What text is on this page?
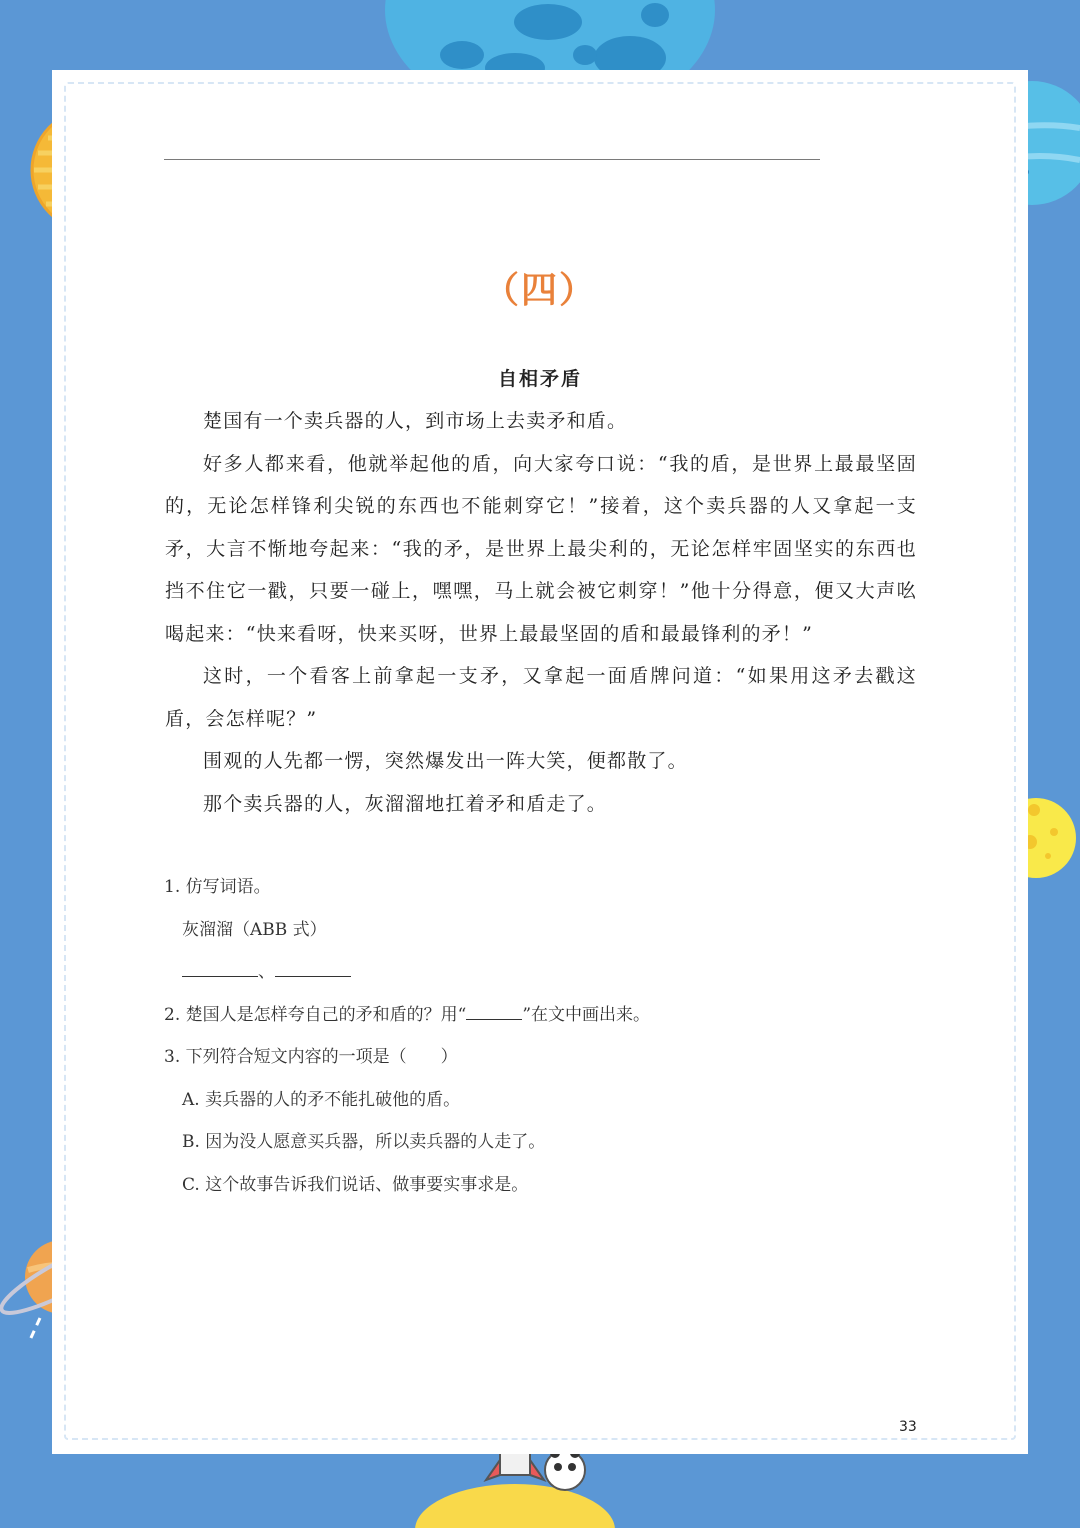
（四）
自相矛盾

楚国有一个卖兵器的人，到市场上去卖矛和盾。

好多人都来看，他就举起他的盾，向大家夸口说：“我的盾，是世界上最最坚固的，无论怎样锋利尖锐的东西也不能刺穿它！”接着，这个卖兵器的人又拿起一支矛，大言不惭地夸起来：“我的矛，是世界上最尖利的，无论怎样牢固坚实的东西也挡不住它一戳，只要一碰上，嘿嘿，马上就会被它刺穿！”他十分得意，便又大声吆喝起来：“快来看呀，快来买呀，世界上最最坚固的盾和最最锋利的矛！”

这时，一个看客上前拿起一支矛，又拿起一面盾牌问道：“如果用这矛去戳这盾，会怎样呢？”

围观的人先都一愣，突然爆发出一阵大笑，便都散了。

那个卖兵器的人，灰溜溜地扛着矛和盾走了。

1. 仿写词语。

灰溜溜（ABB 式）

、

2. 楚国人是怎样夸自己的矛和盾的？用“	”在文中画出来。

3. 下列符合短文内容的一项是（　　）

A. 卖兵器的人的矛不能扎破他的盾。

B. 因为没人愿意买兵器，所以卖兵器的人走了。

C. 这个故事告诉我们说话、做事要实事求是。

33
